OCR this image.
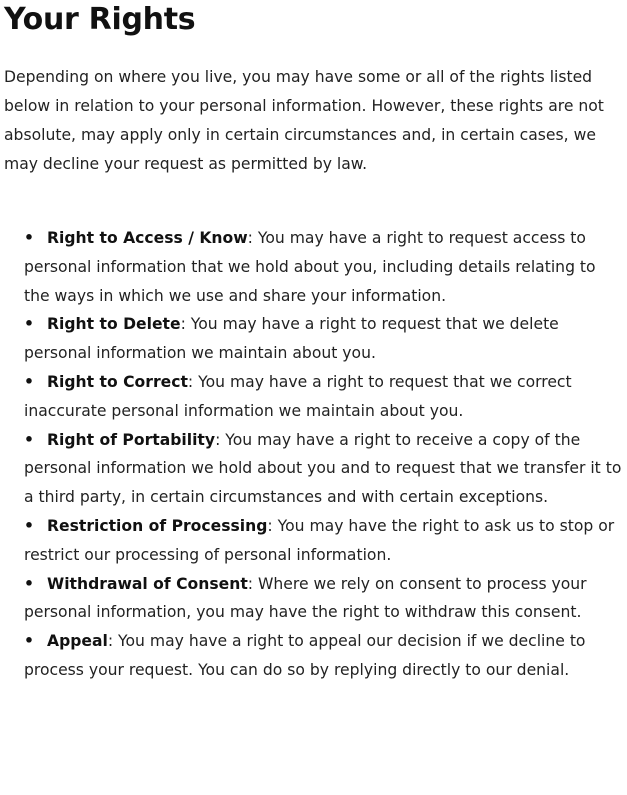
Your Rights

Depending on where you live, you may have some or all of the rights listed below in relation to your personal information. However, these rights are not absolute, may apply only in certain circumstances and, in certain cases, we may decline your request as permitted by law.

• Right to Access / Know: You may have a right to request access to personal information that we hold about you, including details relating to the ways in which we use and share your information.
• Right to Delete: You may have a right to request that we delete personal information we maintain about you.
• Right to Correct: You may have a right to request that we correct inaccurate personal information we maintain about you.
• Right of Portability: You may have a right to receive a copy of the personal information we hold about you and to request that we transfer it to a third party, in certain circumstances and with certain exceptions.
• Restriction of Processing: You may have the right to ask us to stop or restrict our processing of personal information.
• Withdrawal of Consent: Where we rely on consent to process your personal information, you may have the right to withdraw this consent.
• Appeal: You may have a right to appeal our decision if we decline to process your request. You can do so by replying directly to our denial.
